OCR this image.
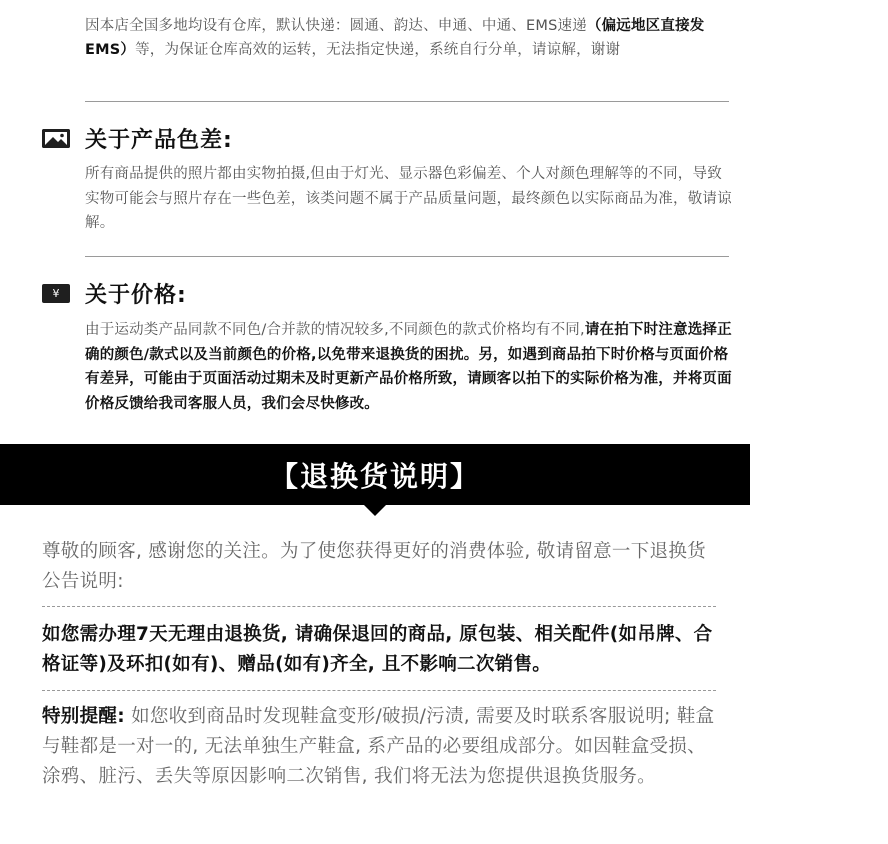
因本店全国多地均设有仓库，默认快递：圆通、韵达、申通、中通、EMS速递（偏远地区直接发EMS）等，为保证仓库高效的运转，无法指定快递，系统自行分单，请谅解，谢谢
关于产品色差:
所有商品提供的照片都由实物拍摄,但由于灯光、显示器色彩偏差、个人对颜色理解等的不同，导致实物可能会与照片存在一些色差，该类问题不属于产品质量问题，最终颜色以实际商品为准，敬请谅解。
¥ 关于价格:
由于运动类产品同款不同色/合并款的情况较多,不同颜色的款式价格均有不同,请在拍下时注意选择正确的颜色/款式以及当前颜色的价格,以免带来退换货的困扰。另，如遇到商品拍下时价格与页面价格有差异，可能由于页面活动过期未及时更新产品价格所致，请顾客以拍下的实际价格为准，并将页面价格反馈给我司客服人员，我们会尽快修改。
【退换货说明】
尊敬的顾客, 感谢您的关注。为了使您获得更好的消费体验, 敬请留意一下退换货公告说明:
如您需办理7天无理由退换货, 请确保退回的商品, 原包装、相关配件(如吊牌、合格证等)及环扣(如有)、赠品(如有)齐全, 且不影响二次销售。
特别提醒: 如您收到商品时发现鞋盒变形/破损/污渍, 需要及时联系客服说明; 鞋盒与鞋都是一对一的, 无法单独生产鞋盒, 系产品的必要组成部分。如因鞋盒受损、涂鸦、脏污、丢失等原因影响二次销售, 我们将无法为您提供退换货服务。
